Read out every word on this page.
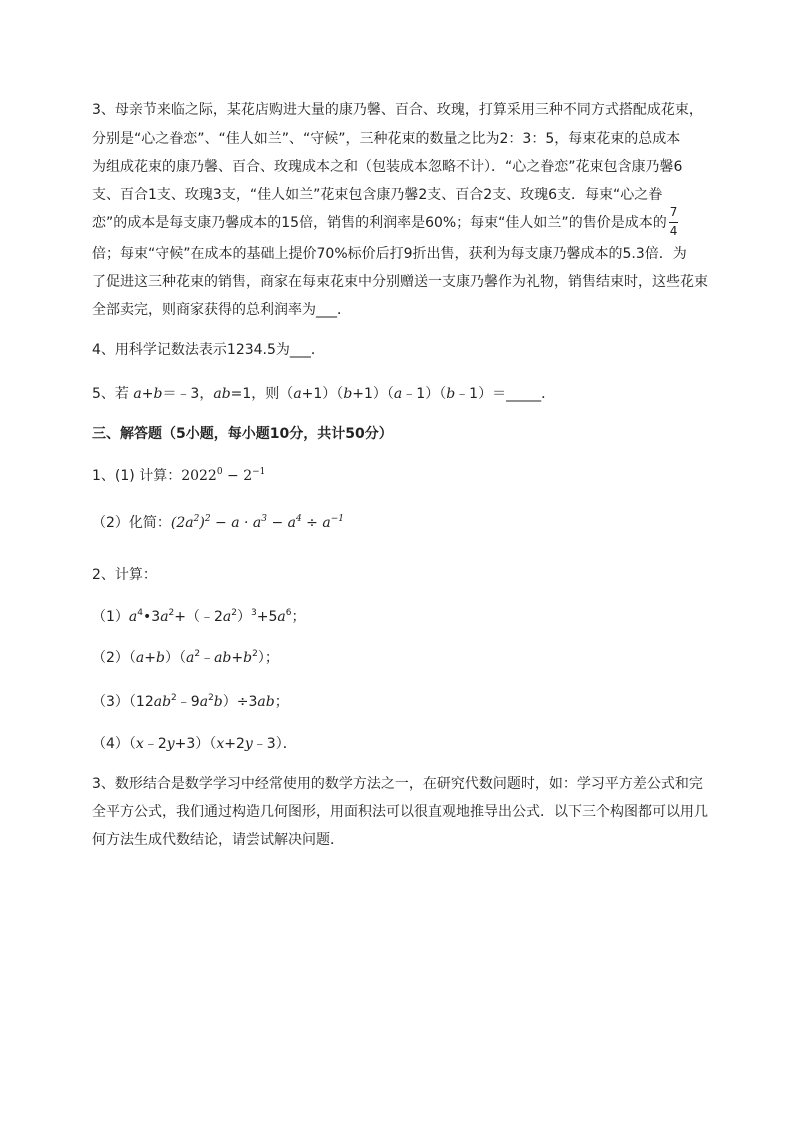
3、母亲节来临之际，某花店购进大量的康乃馨、百合、玫瑰，打算采用三种不同方式搭配成花束，
分别是“心之眷恋”、“佳人如兰”、“守候”，三种花束的数量之比为2：3：5，每束花束的总成本
为组成花束的康乃馨、百合、玫瑰成本之和（包装成本忽略不计）．“心之眷恋”花束包含康乃馨6
支、百合1支、玫瑰3支，“佳人如兰”花束包含康乃馨2支、百合2支、玫瑰6支．每束“心之眷
恋”的成本是每支康乃馨成本的15倍，销售的利润率是60%；每束“佳人如兰”的售价是成本的 $\frac{7}{4}$
倍；每束“守候”在成本的基础上提价70%标价后打9折出售，获利为每支康乃馨成本的5.3倍．为
了促进这三种花束的销售，商家在每束花束中分别赠送一支康乃馨作为礼物，销售结束时，这些花束
全部卖完，则商家获得的总利润率为___．
4、用科学记数法表示1234.5为___．
5、若 a+b＝﹣3，ab=1，则（a+1）（b+1）（a﹣1）（b﹣1）＝_____．
三、解答题（5小题，每小题10分，共计50分）
1、(1) 计算：$2022^0 - 2^{-1}$
（2）化简：$(2a^2)^2 - a \cdot a^3 - a^4 \div a^{-1}$
2、计算：
$(1)a^4•3a^2+(﹣2a^2)^3+5a^6$；
$(2)(a+b)(a^2﹣ab+b^2)$；
$(3)(12ab^2﹣9a^2b)\div 3ab$；
（4）（x﹣2y+3）（x+2y﹣3）．
3、数形结合是数学学习中经常使用的数学方法之一，在研究代数问题时，如：学习平方差公式和完
全平方公式，我们通过构造几何图形，用面积法可以很直观地推导出公式．以下三个构图都可以用几
何方法生成代数结论，请尝试解决问题．
